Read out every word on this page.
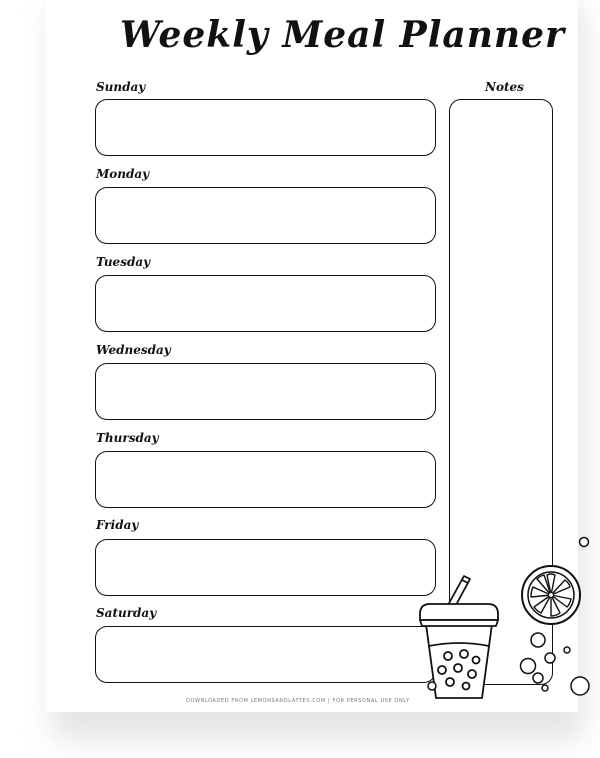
Weekly Meal Planner
Sunday
Monday
Tuesday
Wednesday
Thursday
Friday
Saturday
Notes
DOWNLOADED FROM LEMONSANDLATTES.COM | FOR PERSONAL USE ONLY
